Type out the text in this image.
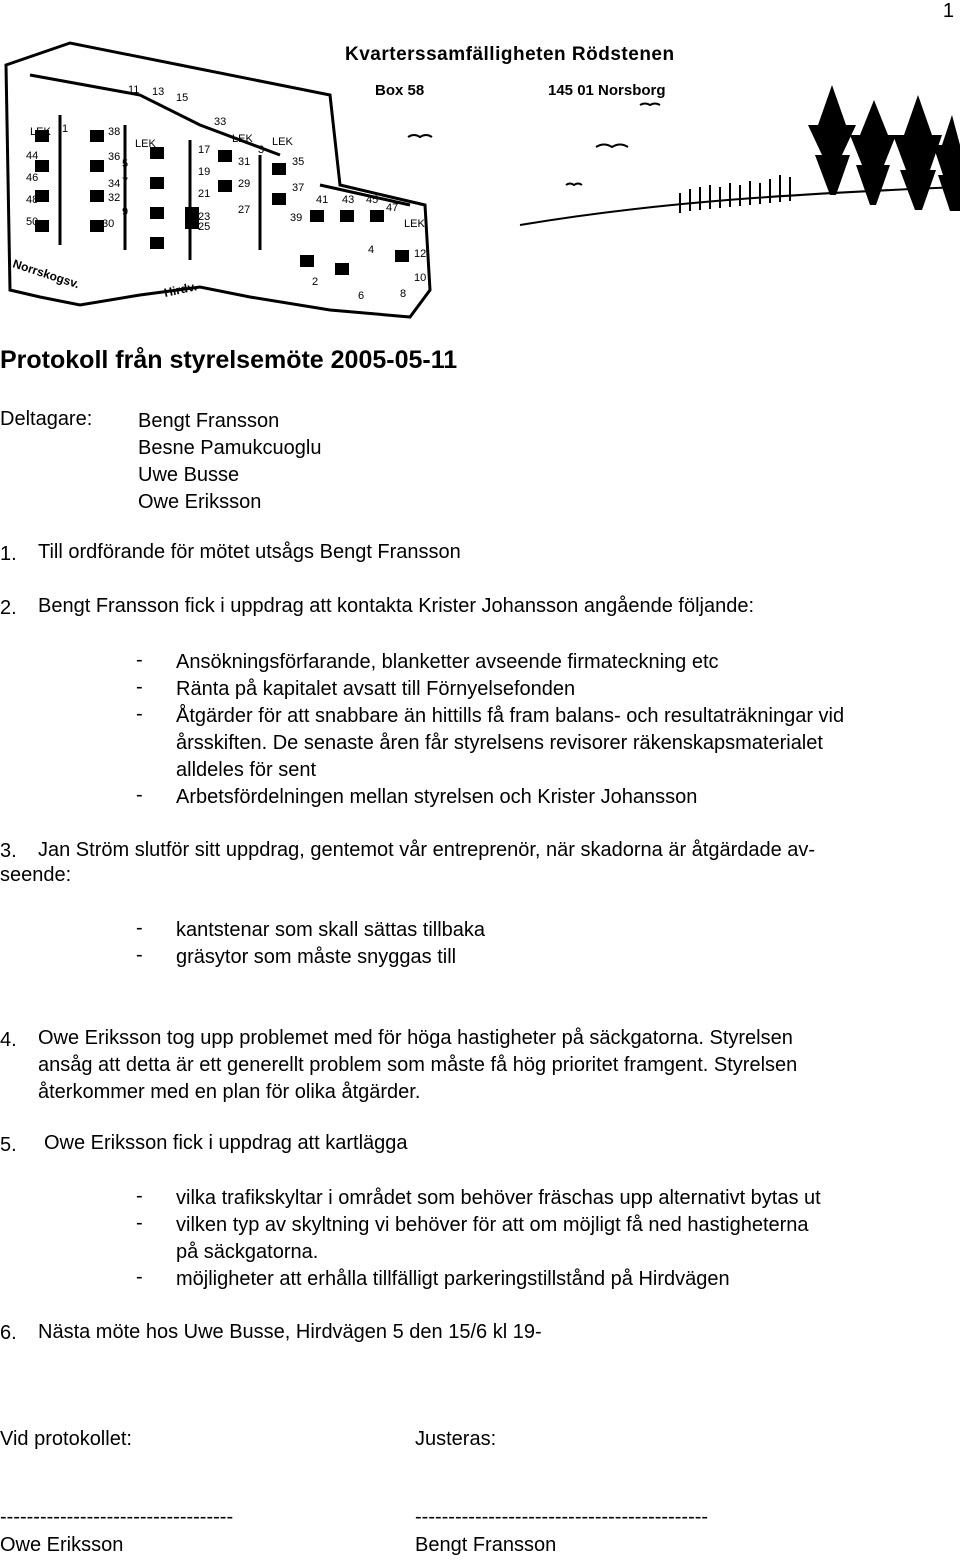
1
11 13 15
33
LEK
LEK	LEK LEK
LEK
38
36
34
32
30
1
5
7
9
3
17
19
21
23
25
27
29
31	35
37
39
41 43 45
47
44
46
48
50
4
2
6
12
10
8
Norrskogsv.	Hirdv.
Kvarterssamfälligheten Rödstenen
Box 58	145 01 Norsborg
Protokoll från styrelsemöte 2005-05-11
Deltagare: Bengt Fransson
Besne Pamukcuoglu
Uwe Busse
Owe Eriksson
1. Till ordförande för mötet utsågs Bengt Fransson
2. Bengt Fransson fick i uppdrag att kontakta Krister Johansson angående följande:
- Ansökningsförfarande, blanketter avseende firmateckning etc
- Ränta på kapitalet avsatt till Förnyelsefonden
- Åtgärder för att snabbare än hittills få fram balans- och resultaträkningar vid
årsskiften. De senaste åren får styrelsens revisorer räkenskapsmaterialet
alldeles för sent
- Arbetsfördelningen mellan styrelsen och Krister Johansson
3. Jan Ström slutför sitt uppdrag, gentemot vår entreprenör, när skadorna är åtgärdade av-
seende:
- kantstenar som skall sättas tillbaka
- gräsytor som måste snyggas till
4. Owe Eriksson tog upp problemet med för höga hastigheter på säckgatorna. Styrelsen
ansåg att detta är ett generellt problem som måste få hög prioritet framgent. Styrelsen
återkommer med en plan för olika åtgärder.
5. Owe Eriksson fick i uppdrag att kartlägga
- vilka trafikskyltar i området som behöver fräschas upp alternativt bytas ut
- vilken typ av skyltning vi behöver för att om möjligt få ned hastigheterna
på säckgatorna.
- möjligheter att erhålla tillfälligt parkeringstillstånd på Hirdvägen
6. Nästa möte hos Uwe Busse, Hirdvägen 5 den 15/6 kl 19-
Vid protokollet:	Justeras:
-----------------------------------	--------------------------------------------
Owe Eriksson	Bengt Fransson
